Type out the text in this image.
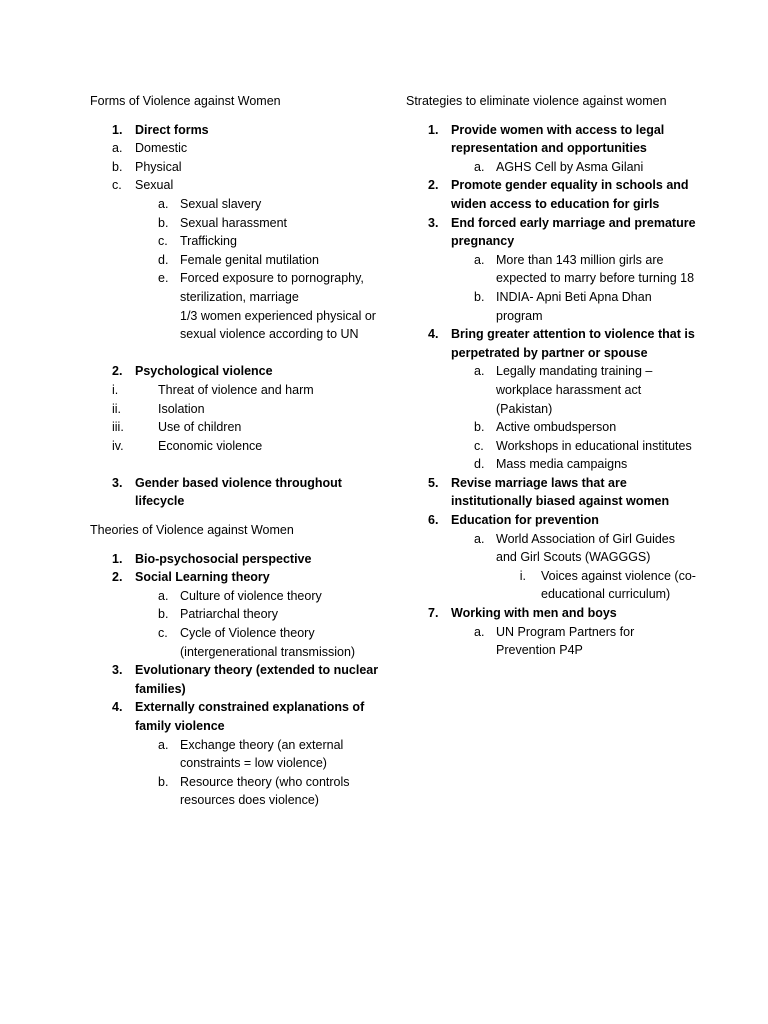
Forms of Violence against Women
1. Direct forms
a. Domestic
b. Physical
c. Sexual
a. Sexual slavery
b. Sexual harassment
c. Trafficking
d. Female genital mutilation
e. Forced exposure to pornography, sterilization, marriage
1/3 women experienced physical or sexual violence according to UN
2. Psychological violence
i.	Threat of violence and harm
ii.	Isolation
iii.	Use of children
iv.	Economic violence
3. Gender based violence throughout lifecycle
Theories of Violence against Women
1. Bio-psychosocial perspective
2. Social Learning theory
a. Culture of violence theory
b. Patriarchal theory
c. Cycle of Violence theory (intergenerational transmission)
3. Evolutionary theory (extended to nuclear families)
4. Externally constrained explanations of family violence
a. Exchange theory (an external constraints = low violence)
b. Resource theory (who controls resources does violence)
Strategies to eliminate violence against women
1. Provide women with access to legal representation and opportunities
a. AGHS Cell by Asma Gilani
2. Promote gender equality in schools and widen access to education for girls
3. End forced early marriage and premature pregnancy
a. More than 143 million girls are expected to marry before turning 18
b. INDIA- Apni Beti Apna Dhan program
4. Bring greater attention to violence that is perpetrated by partner or spouse
a. Legally mandating training – workplace harassment act (Pakistan)
b. Active ombudsperson
c. Workshops in educational institutes
d. Mass media campaigns
5. Revise marriage laws that are institutionally biased against women
6. Education for prevention
a. World Association of Girl Guides and Girl Scouts (WAGGGS)
i. Voices against violence (co-educational curriculum)
7. Working with men and boys
a. UN Program Partners for Prevention P4P
